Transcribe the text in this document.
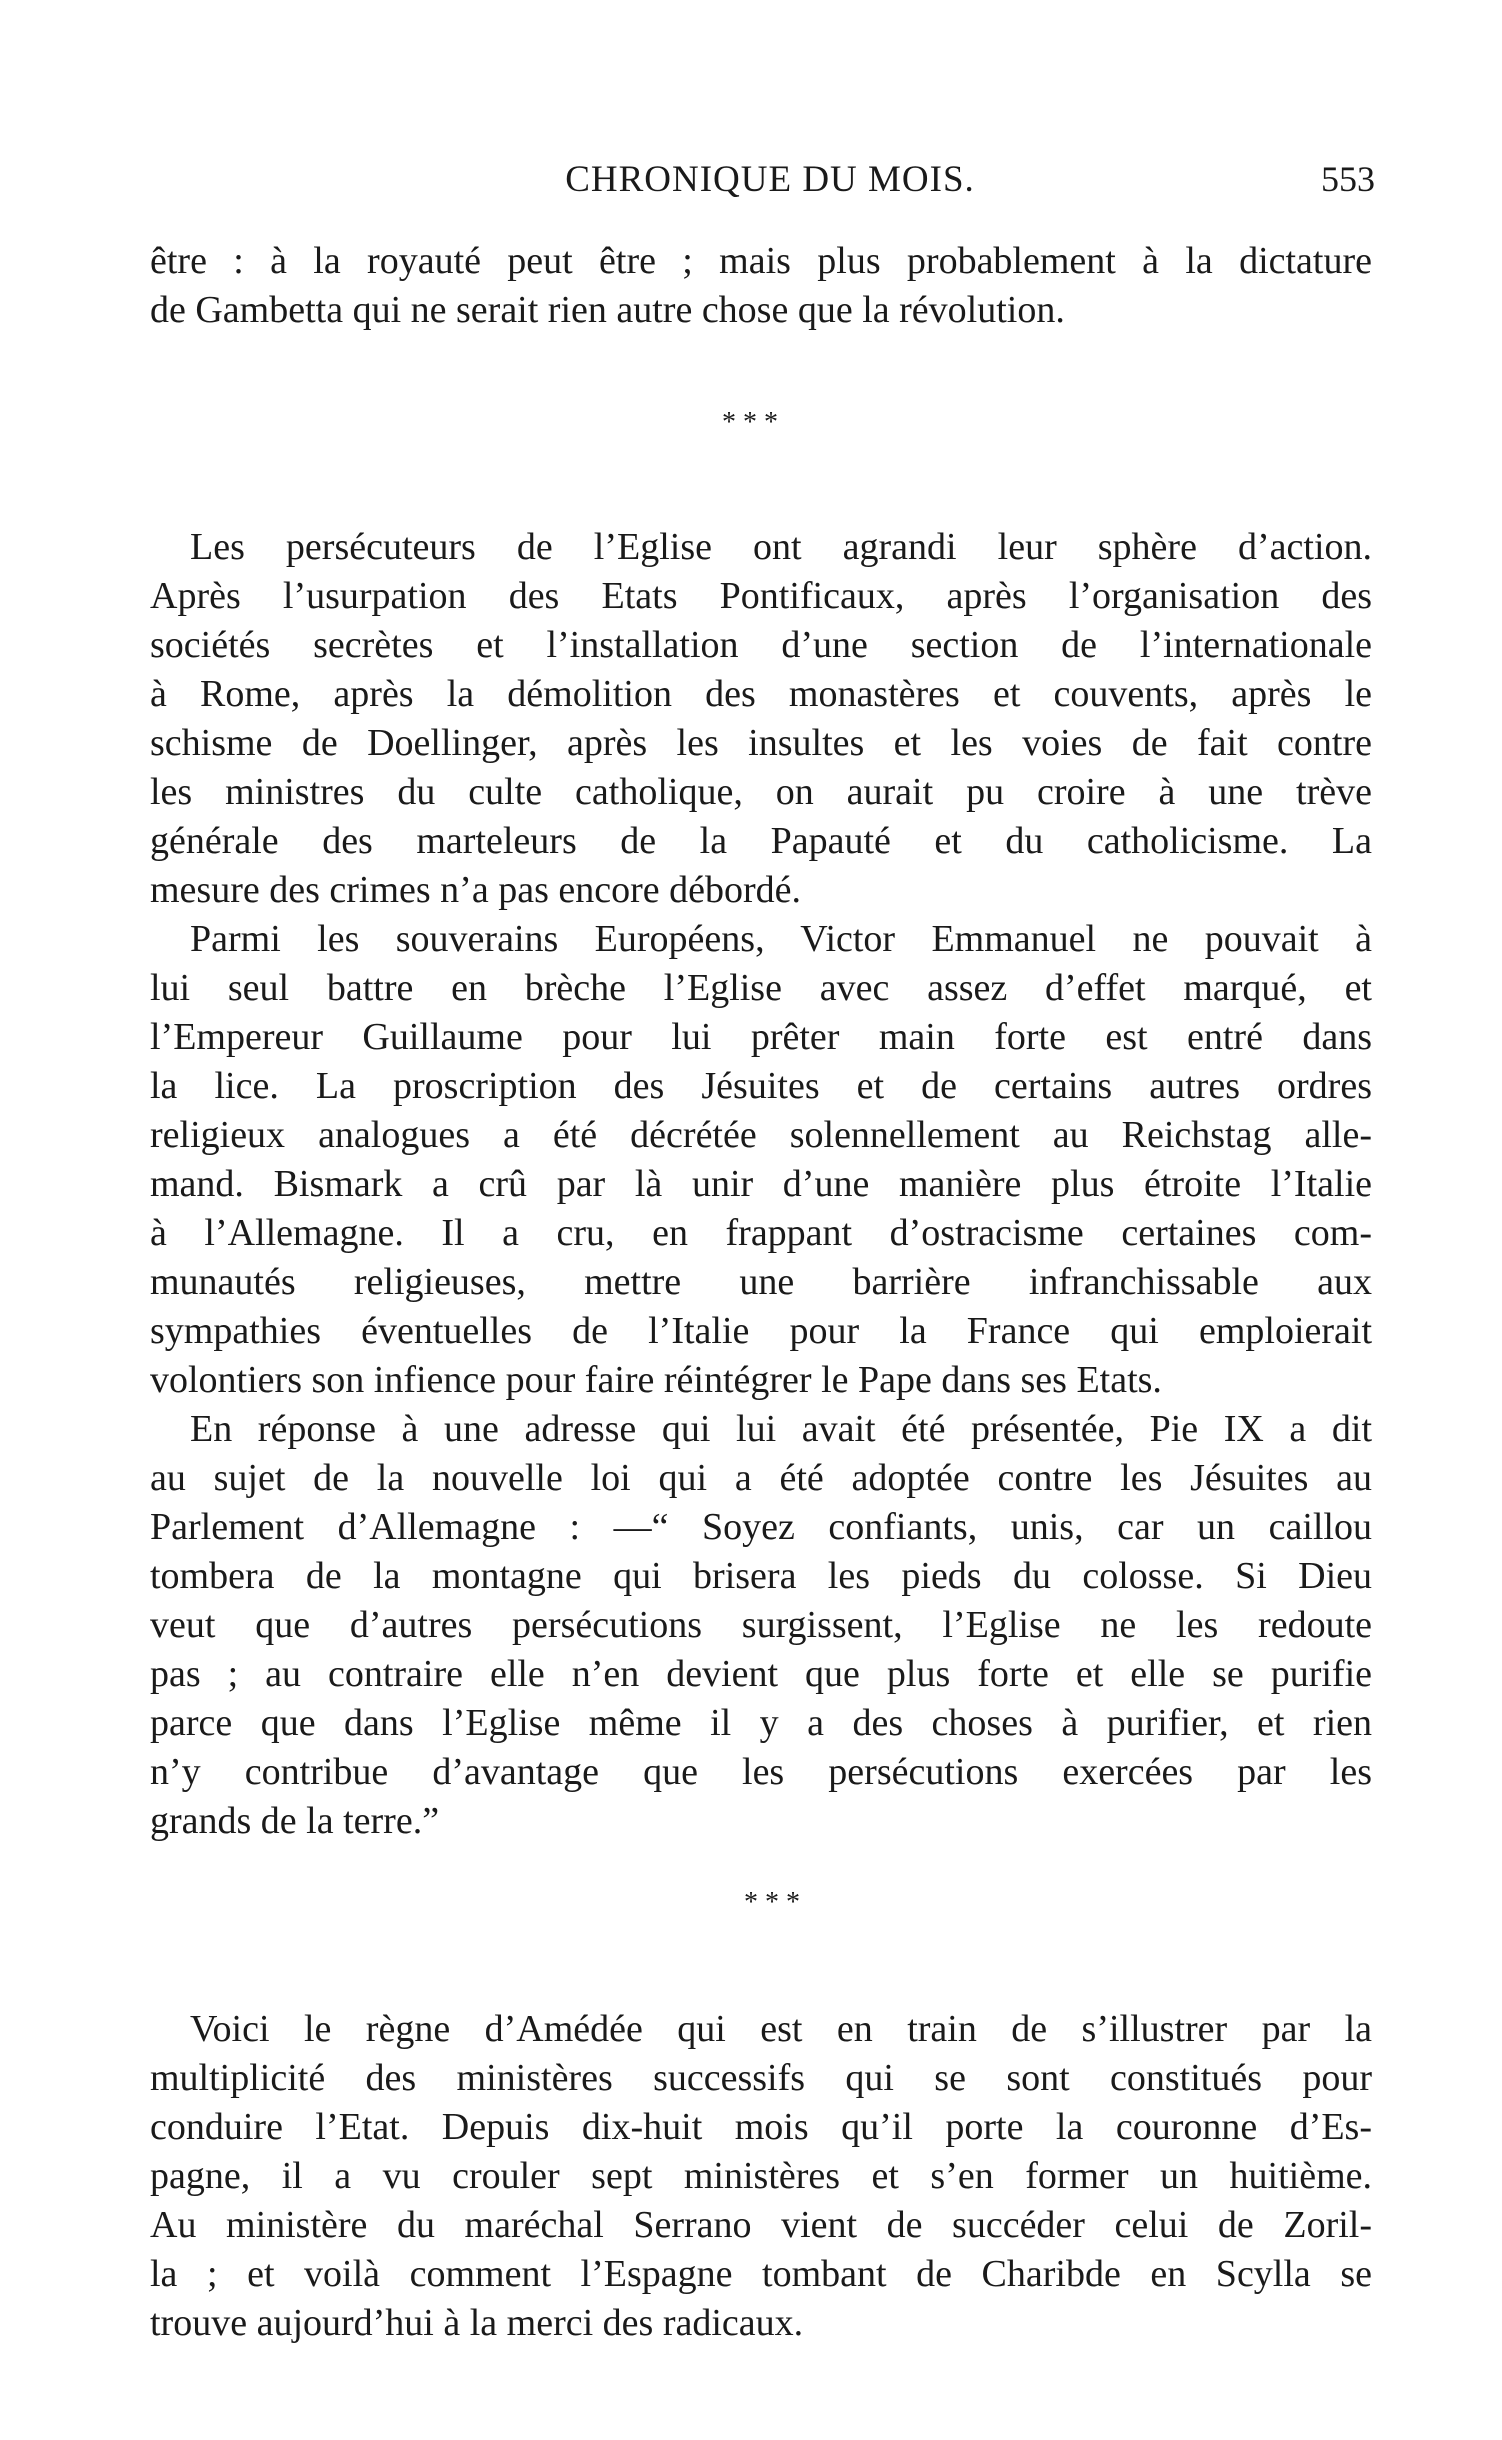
CHRONIQUE DU MOIS.	553
être : à la royauté peut être ; mais plus probablement à la dictature
de Gambetta qui ne serait rien autre chose que la révolution.
* * *
Les persécuteurs de l’Eglise ont agrandi leur sphère d’action.
Après l’usurpation des Etats Pontificaux, après l’organisation des
sociétés secrètes et l’installation d’une section de l’internationale
à Rome, après la démolition des monastères et couvents, après le
schisme de Doellinger, après les insultes et les voies de fait contre
les ministres du culte catholique, on aurait pu croire à une trève
générale des marteleurs de la Papauté et du catholicisme. La
mesure des crimes n’a pas encore débordé.
Parmi les souverains Européens, Victor Emmanuel ne pouvait à
lui seul battre en brèche l’Eglise avec assez d’effet marqué, et
l’Empereur Guillaume pour lui prêter main forte est entré dans
la lice. La proscription des Jésuites et de certains autres ordres
religieux analogues a été décrétée solennellement au Reichstag alle-
mand. Bismark a crû par là unir d’une manière plus étroite l’Italie
à l’Allemagne. Il a cru, en frappant d’ostracisme certaines com-
munautés religieuses, mettre une barrière infranchissable aux
sympathies éventuelles de l’Italie pour la France qui emploierait
volontiers son infience pour faire réintégrer le Pape dans ses Etats.
En réponse à une adresse qui lui avait été présentée, Pie IX a dit
au sujet de la nouvelle loi qui a été adoptée contre les Jésuites au
Parlement d’Allemagne : —“ Soyez confiants, unis, car un caillou
tombera de la montagne qui brisera les pieds du colosse. Si Dieu
veut que d’autres persécutions surgissent, l’Eglise ne les redoute
pas ; au contraire elle n’en devient que plus forte et elle se purifie
parce que dans l’Eglise même il y a des choses à purifier, et rien
n’y contribue d’avantage que les persécutions exercées par les
grands de la terre.”
* * *
Voici le règne d’Amédée qui est en train de s’illustrer par la
multiplicité des ministères successifs qui se sont constitués pour
conduire l’Etat. Depuis dix-huit mois qu’il porte la couronne d’Es-
pagne, il a vu crouler sept ministères et s’en former un huitième.
Au ministère du maréchal Serrano vient de succéder celui de Zoril-
la ; et voilà comment l’Espagne tombant de Charibde en Scylla se
trouve aujourd’hui à la merci des radicaux.
